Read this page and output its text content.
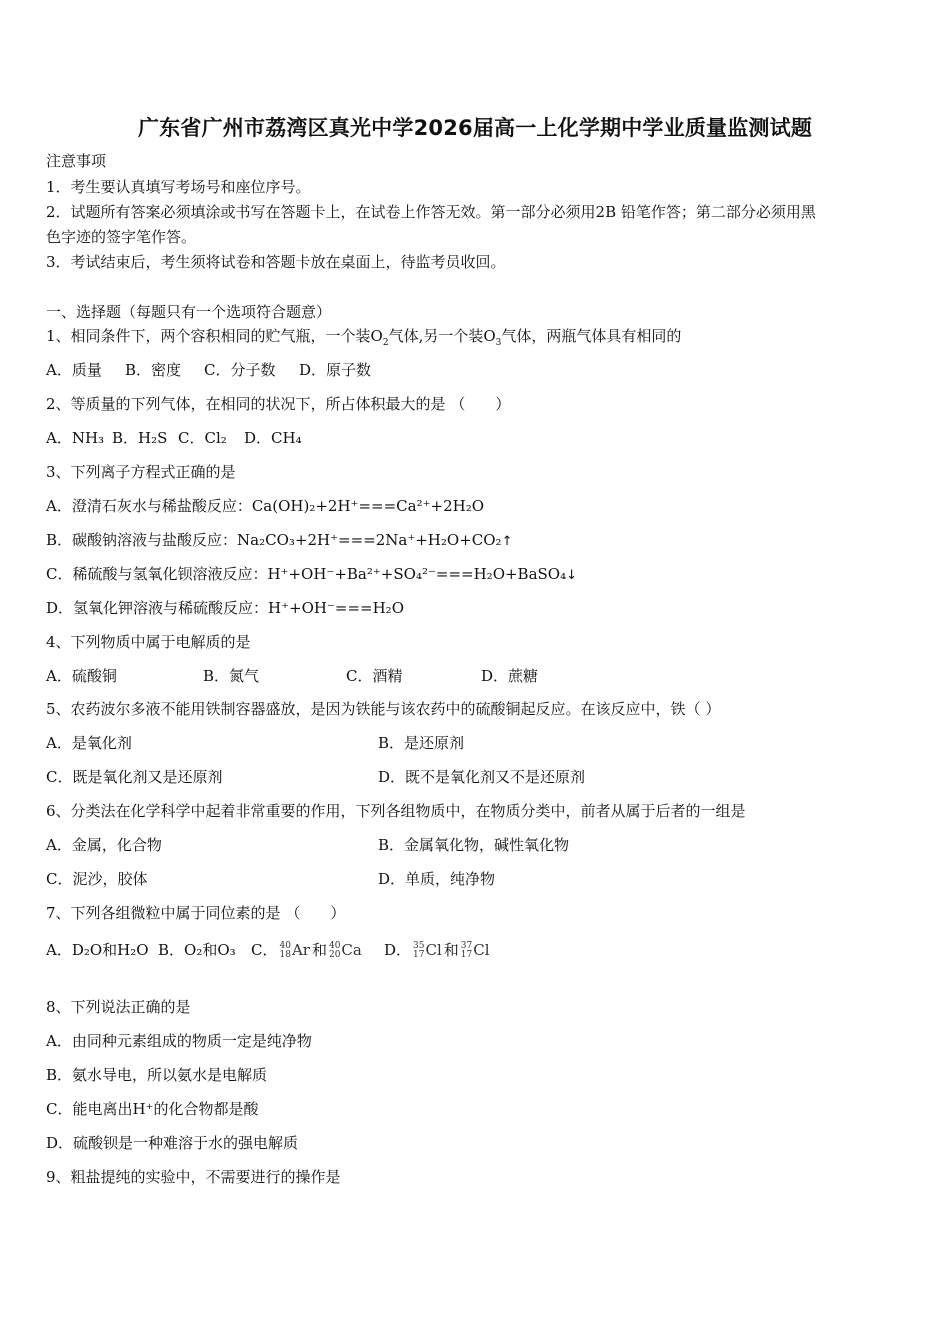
广东省广州市荔湾区真光中学2026届高一上化学期中学业质量监测试题
注意事项
1．考生要认真填写考场号和座位序号。
2．试题所有答案必须填涂或书写在答题卡上，在试卷上作答无效。第一部分必须用2B 铅笔作答；第二部分必须用黑
色字迹的签字笔作答。
3．考试结束后，考生须将试卷和答题卡放在桌面上，待监考员收回。
一、选择题（每题只有一个选项符合题意）
1、相同条件下，两个容积相同的贮气瓶，一个装$O_2$气体,另一个装$O_3$气体，两瓶气体具有相同的
A．质量 B．密度 C．分子数 D．原子数
2、等质量的下列气体，在相同的状况下，所占体积最大的是 （　　）
A．NH₃ B．H₂S C．Cl₂ D．CH₄
3、下列离子方程式正确的是
A．澄清石灰水与稀盐酸反应：Ca(OH)₂+2H⁺===Ca²⁺+2H₂O
B．碳酸钠溶液与盐酸反应：Na₂CO₃+2H⁺===2Na⁺+H₂O+CO₂↑
C．稀硫酸与氢氧化钡溶液反应：H⁺+OH⁻+Ba²⁺+SO₄²⁻===H₂O+BaSO₄↓
D．氢氧化钾溶液与稀硫酸反应：H⁺+OH⁻===H₂O
4、下列物质中属于电解质的是
A．硫酸铜	B．氮气	C．酒精	D．蔗糖
5、农药波尔多液不能用铁制容器盛放，是因为铁能与该农药中的硫酸铜起反应。在该反应中，铁（ ）
A．是氧化剂	B．是还原剂
C．既是氧化剂又是还原剂	D．既不是氧化剂又不是还原剂
6、分类法在化学科学中起着非常重要的作用，下列各组物质中，在物质分类中，前者从属于后者的一组是
A．金属，化合物	B．金属氧化物，碱性氧化物
C．泥沙，胶体	D．单质，纯净物
7、下列各组微粒中属于同位素的是 （　　）
A．D₂O和H₂O B．O₂和O₃ C． 40
18 Ar 和 40
20 Ca D． 35
17 Cl 和 37
17 Cl
8、下列说法正确的是
A．由同种元素组成的物质一定是纯净物
B．氨水导电，所以氨水是电解质
C．能电离出H⁺的化合物都是酸
D．硫酸钡是一种难溶于水的强电解质
9、粗盐提纯的实验中，不需要进行的操作是
